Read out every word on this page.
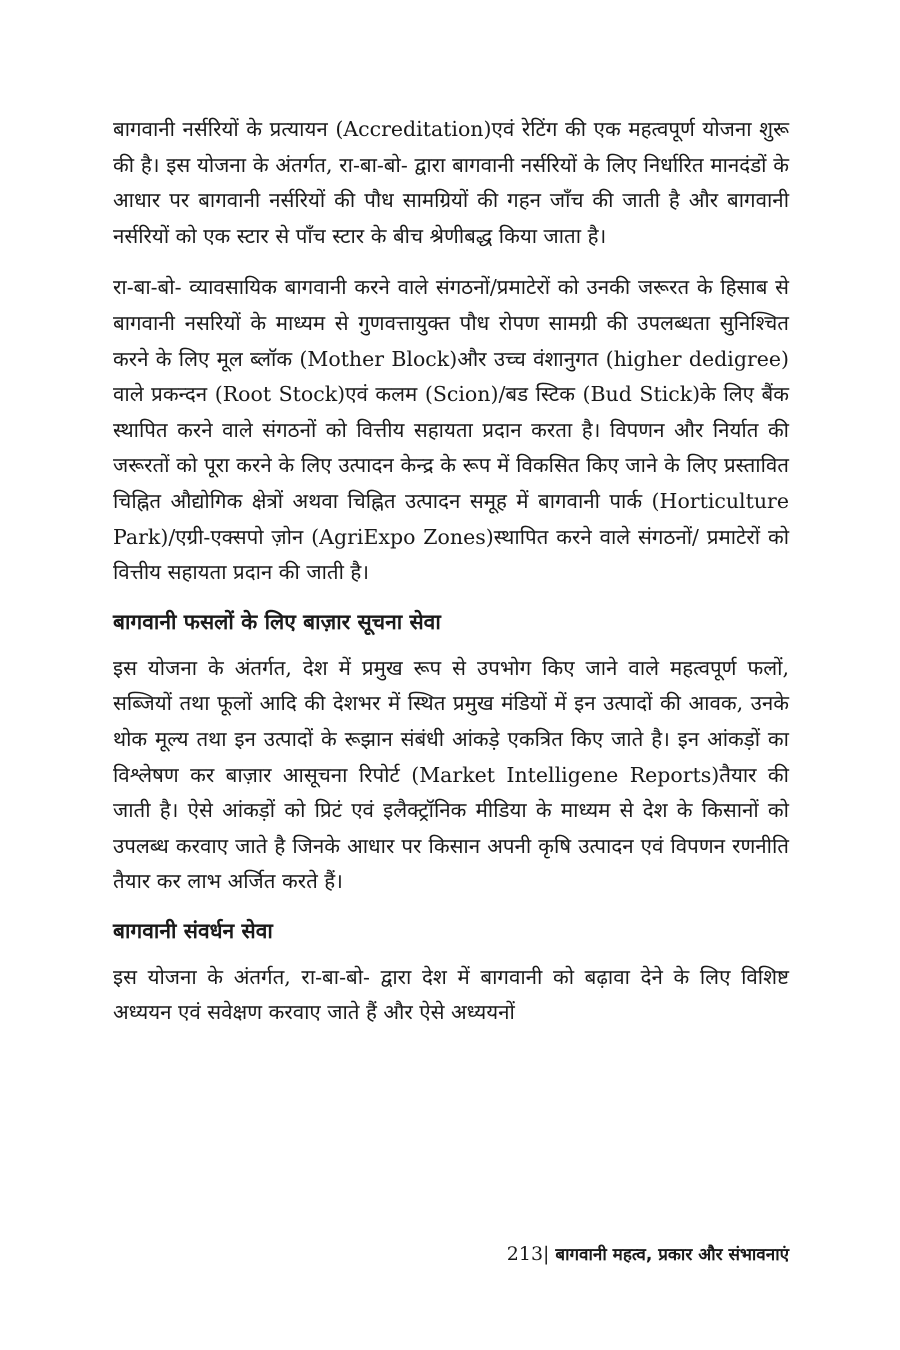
बागवानी नर्सरियों के प्रत्यायन (Accreditation)एवं रेटिंग की एक महत्वपूर्ण योजना शुरू की है। इस योजना के अंतर्गत, रा-बा-बो- द्वारा बागवानी नर्सरियों के लिए निर्धारित मानदंडों के आधार पर बागवानी नर्सरियों की पौध सामग्रियों की गहन जाँच की जाती है और बागवानी नर्सरियों को एक स्टार से पाँच स्टार के बीच श्रेणीबद्ध किया जाता है।

रा-बा-बो- व्यावसायिक बागवानी करने वाले संगठनों/प्रमाटेरों को उनकी जरूरत के हिसाब से बागवानी नसरियों के माध्यम से गुणवत्तायुक्त पौध रोपण सामग्री की उपलब्धता सुनिश्चित करने के लिए मूल ब्लॉक (Mother Block)और उच्च वंशानुगत (higher dedigree) वाले प्रकन्दन (Root Stock)एवं कलम (Scion)/बड स्टिक (Bud Stick)के लिए बैंक स्थापित करने वाले संगठनों को वित्तीय सहायता प्रदान करता है। विपणन और निर्यात की जरूरतों को पूरा करने के लिए उत्पादन केन्द्र के रूप में विकसित किए जाने के लिए प्रस्तावित चिह्नित औद्योगिक क्षेत्रों अथवा चिह्नित उत्पादन समूह में बागवानी पार्क (Horticulture Park)/एग्री-एक्सपो ज़ोन (AgriExpo Zones)स्थापित करने वाले संगठनों/ प्रमाटेरों को वित्तीय सहायता प्रदान की जाती है।

बागवानी फसलों के लिए बाज़ार सूचना सेवा

इस योजना के अंतर्गत, देश में प्रमुख रूप से उपभोग किए जाने वाले महत्वपूर्ण फलों, सब्जियों तथा फूलों आदि की देशभर में स्थित प्रमुख मंडियों में इन उत्पादों की आवक, उनके थोक मूल्य तथा इन उत्पादों के रूझान संबंधी आंकड़े एकत्रित किए जाते है। इन आंकड़ों का विश्लेषण कर बाज़ार आसूचना रिपोर्ट (Market Intelligene Reports)तैयार की जाती है। ऐसे आंकड़ों को प्रिटं एवं इलैक्ट्रॉनिक मीडिया के माध्यम से देश के किसानों को उपलब्ध करवाए जाते है जिनके आधार पर किसान अपनी कृषि उत्पादन एवं विपणन रणनीति तैयार कर लाभ अर्जित करते हैं।

बागवानी संवर्धन सेवा

इस योजना के अंतर्गत, रा-बा-बो- द्वारा देश में बागवानी को बढ़ावा देने के लिए विशिष्ट अध्ययन एवं सवेक्षण करवाए जाते हैं और ऐसे अध्ययनों

213| बागवानी महत्व, प्रकार और संभावनाएं
